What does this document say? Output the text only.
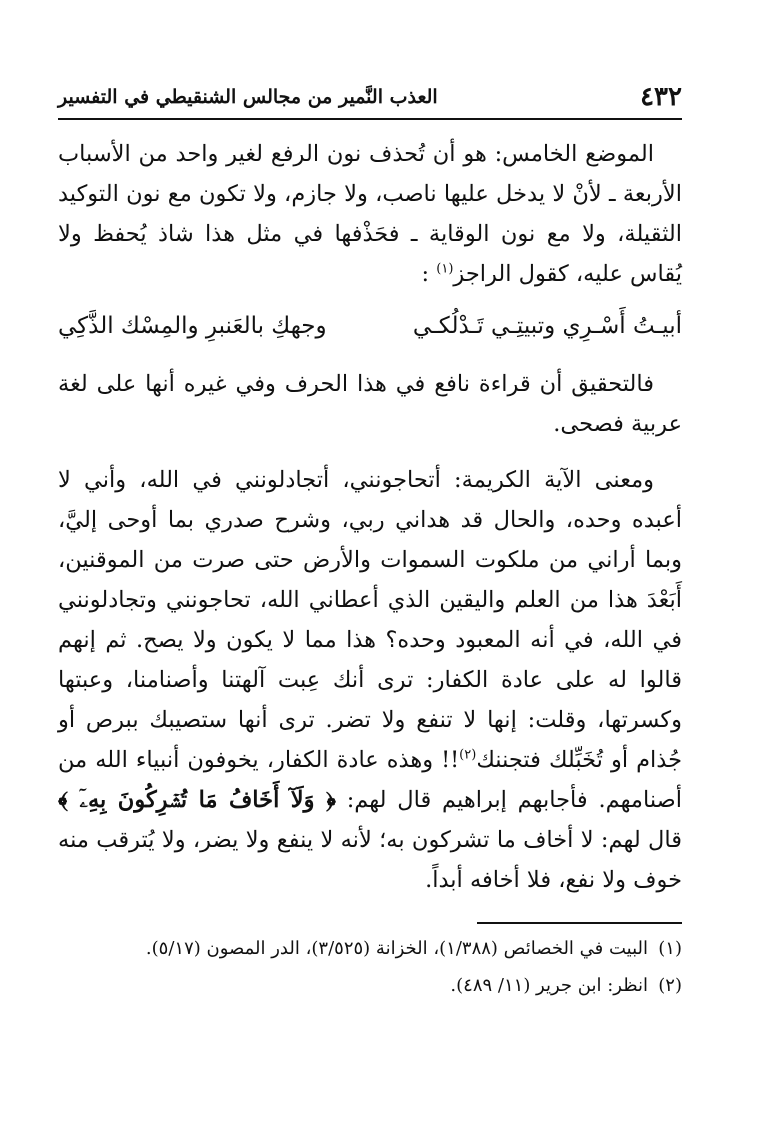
٤٣٢
العذب النَّمير من مجالس الشنقيطي في التفسير

الموضع الخامس: هو أن تُحذف نون الرفع لغير واحد من الأسباب الأربعة ـ لأنْ لا يدخل عليها ناصب، ولا جازم، ولا تكون مع نون التوكيد الثقيلة، ولا مع نون الوقاية ـ فحَذْفها في مثل هذا شاذ يُحفظ ولا يُقاس عليه، كقول الراجز$^{(١)}$ :

أبيـتُ أَسْـرِي وتبيتِـي تَـدْلُكـي
وجهكِ بالعَنبرِ والمِسْك الذَّكِي

فالتحقيق أن قراءة نافع في هذا الحرف وفي غيره أنها على لغة عربية فصحى.

ومعنى الآية الكريمة: أتحاجونني، أتجادلونني في الله، وأني لا أعبده وحده، والحال قد هداني ربي، وشرح صدري بما أوحى إليَّ، وبما أراني من ملكوت السموات والأرض حتى صرت من الموقنين، أَبَعْدَ هذا من العلم واليقين الذي أعطاني الله، تحاجونني وتجادلونني في الله، في أنه المعبود وحده؟ هذا مما لا يكون ولا يصح. ثم إنهم قالوا له على عادة الكفار: ترى أنك عِبت آلهتنا وأصنامنا، وعبتها وكسرتها، وقلت: إنها لا تنفع ولا تضر. ترى أنها ستصيبك ببرص أو جُذام أو تُخَبِّلك فتجننك$^{(٢)}$!! وهذه عادة الكفار، يخوفون أنبياء الله من أصنامهم. فأجابهم إبراهيم قال لهم: ﴿ وَلَآ أَخَافُ مَا تُشۡرِكُونَ بِهِۦٓ ﴾ قال لهم: لا أخاف ما تشركون به؛ لأنه لا ينفع ولا يضر، ولا يُترقب منه خوف ولا نفع، فلا أخافه أبداً.

(١)
البيت في الخصائص (١/٣٨٨)، الخزانة (٣/٥٢٥)، الدر المصون (٥/١٧).
(٢)
انظر: ابن جرير (١١/ ٤٨٩).
